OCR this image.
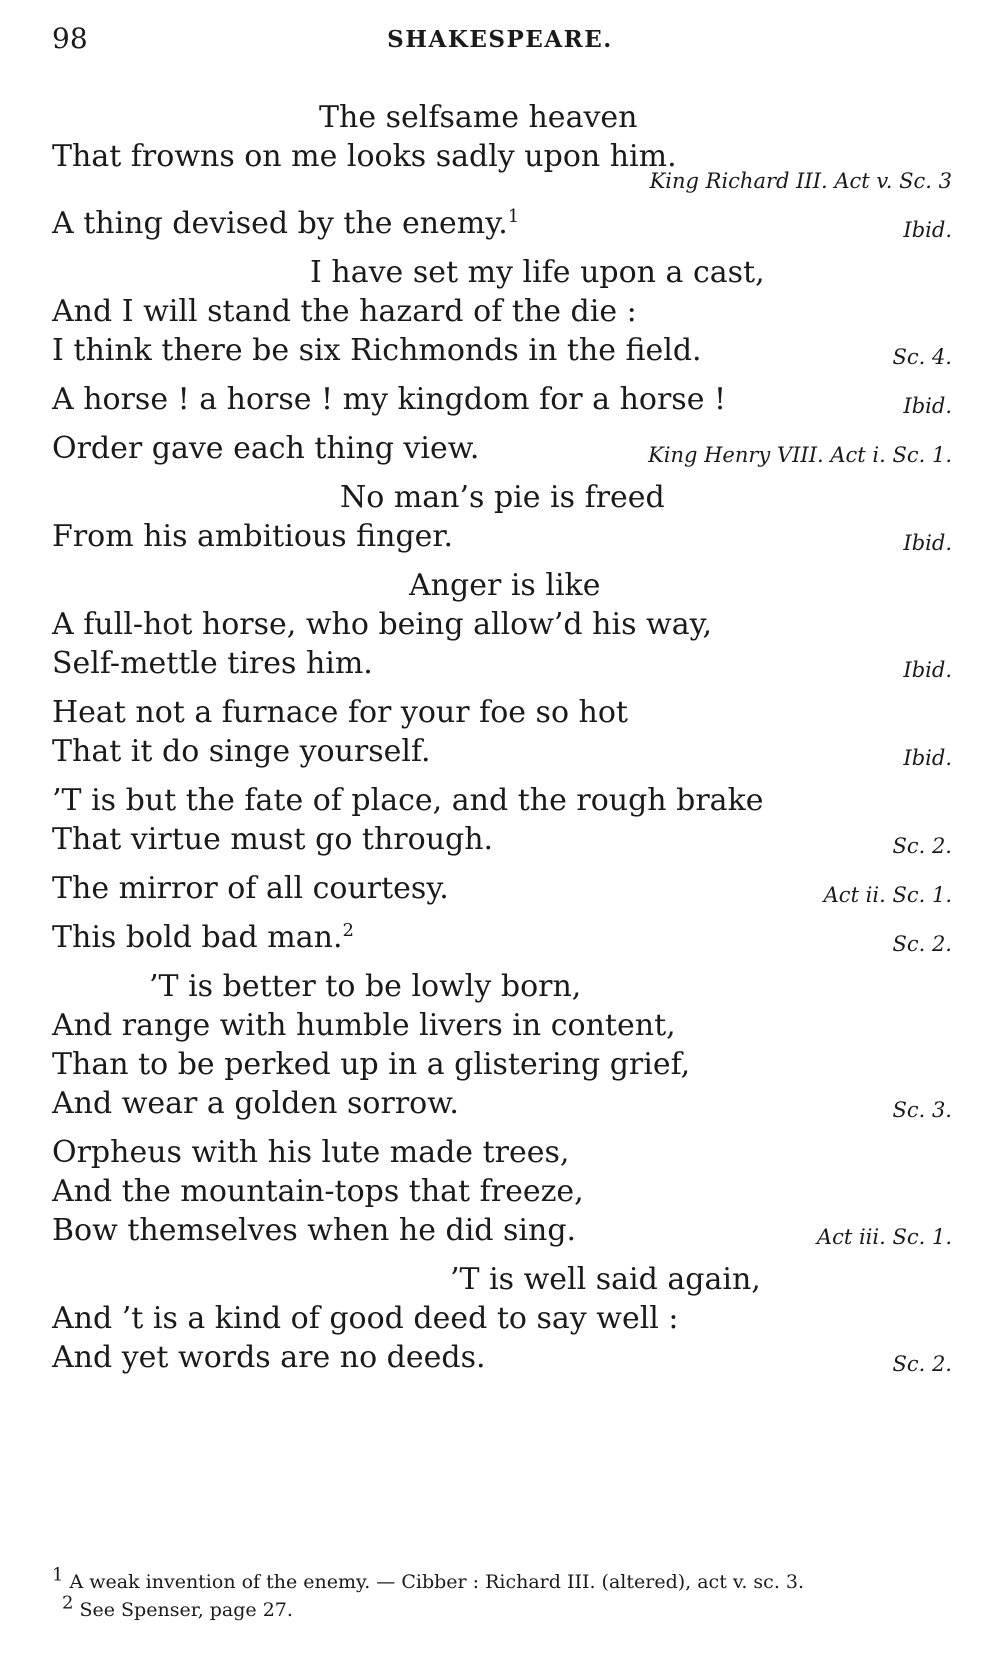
98	SHAKESPEARE.
The selfsame heaven
That frowns on me looks sadly upon him.
King Richard III. Act v. Sc. 3
A thing devised by the enemy.$^1$
Ibid.
I have set my life upon a cast,
And I will stand the hazard of the die :
I think there be six Richmonds in the field.	Sc. 4.
A horse ! a horse ! my kingdom for a horse !	Ibid.
Order gave each thing view.	King Henry VIII. Act i. Sc. 1.
No man’s pie is freed
From his ambitious finger.	Ibid.
Anger is like
A full-hot horse, who being allow’d his way,
Self-mettle tires him.	Ibid.
Heat not a furnace for your foe so hot
That it do singe yourself.	Ibid.
’T is but the fate of place, and the rough brake
That virtue must go through.	Sc. 2.
The mirror of all courtesy.	Act ii. Sc. 1.
This bold bad man.$^2$
Sc. 2.
’T is better to be lowly born,
And range with humble livers in content,
Than to be perked up in a glistering grief,
And wear a golden sorrow.	Sc. 3.
Orpheus with his lute made trees,
And the mountain-tops that freeze,
Bow themselves when he did sing.	Act iii. Sc. 1.
’T is well said again,
And ’t is a kind of good deed to say well :
And yet words are no deeds.	Sc. 2.
$^1$ A weak invention of the enemy. — Cibber : Richard III. (altered), act v. sc. 3.
$^2$ See Spenser, page 27.
